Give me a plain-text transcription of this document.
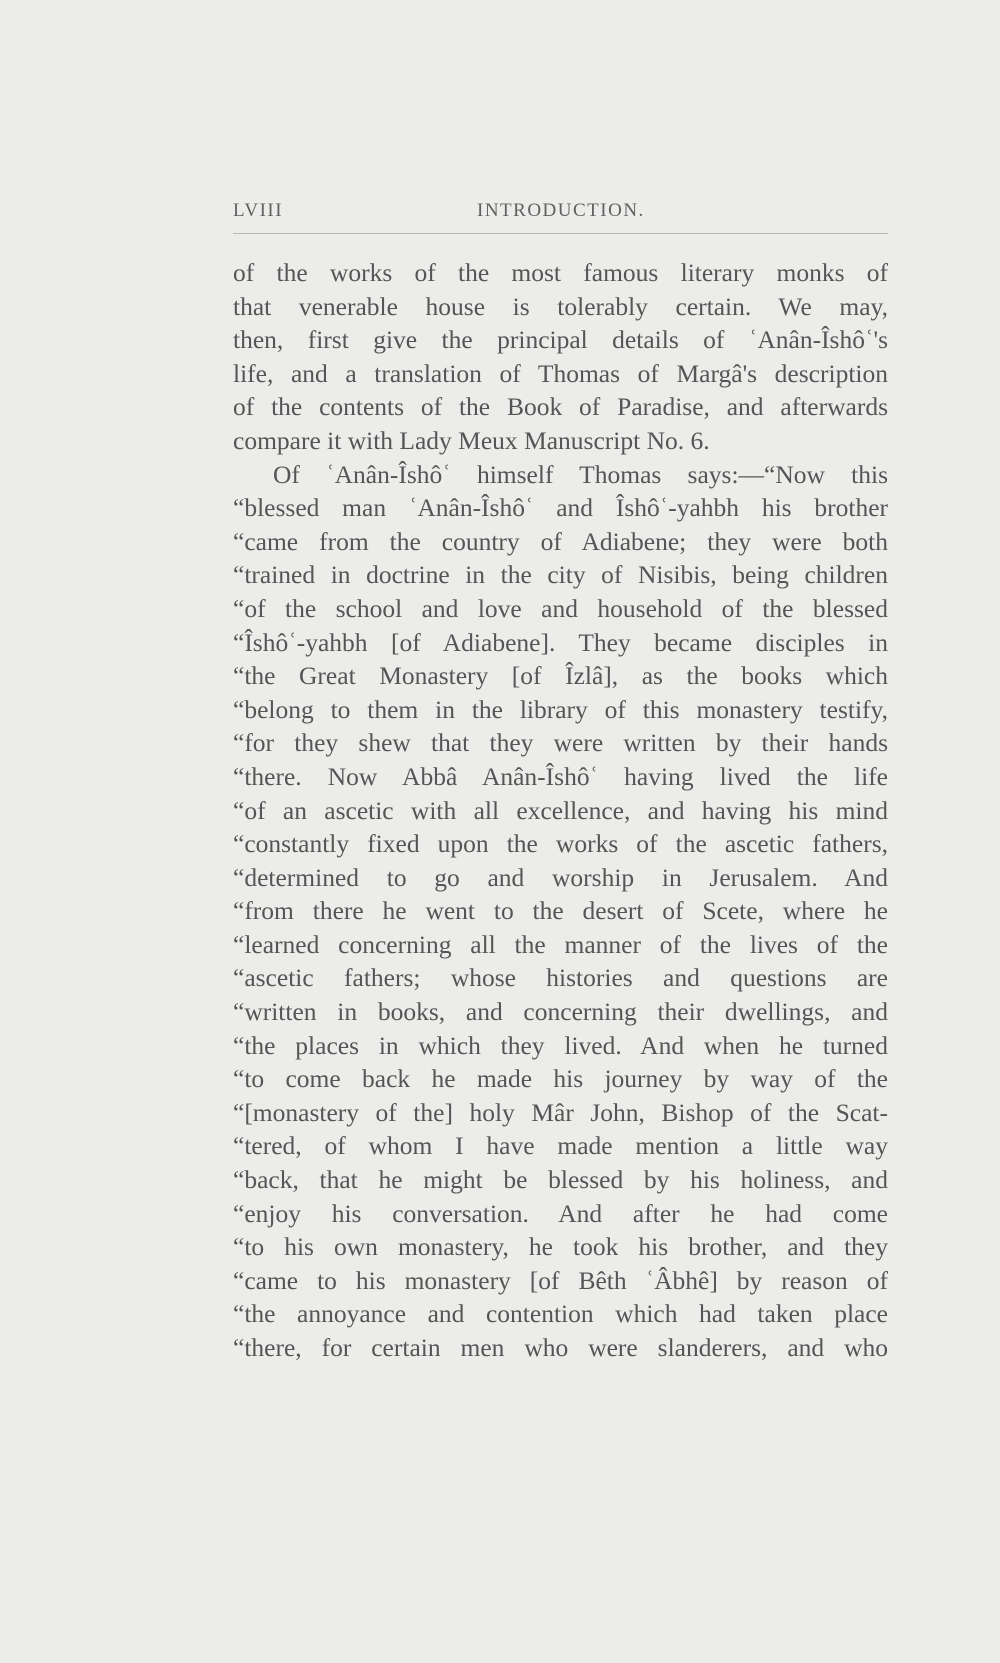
LVIII	INTRODUCTION.
of the works of the most famous literary monks of
that venerable house is tolerably certain. We may,
then, first give the principal details of ʿAnân-Îshôʿ's
life, and a translation of Thomas of Margâ's description
of the contents of the Book of Paradise, and afterwards
compare it with Lady Meux Manuscript No. 6.
Of ʿAnân-Îshôʿ himself Thomas says:—“Now this
“blessed man ʿAnân-Îshôʿ and Îshôʿ-yahbh his brother
“came from the country of Adiabene; they were both
“trained in doctrine in the city of Nisibis, being children
“of the school and love and household of the blessed
“Îshôʿ-yahbh [of Adiabene]. They became disciples in
“the Great Monastery [of Îzlâ], as the books which
“belong to them in the library of this monastery testify,
“for they shew that they were written by their hands
“there. Now Abbâ Anân-Îshôʿ having lived the life
“of an ascetic with all excellence, and having his mind
“constantly fixed upon the works of the ascetic fathers,
“determined to go and worship in Jerusalem. And
“from there he went to the desert of Scete, where he
“learned concerning all the manner of the lives of the
“ascetic fathers; whose histories and questions are
“written in books, and concerning their dwellings, and
“the places in which they lived. And when he turned
“to come back he made his journey by way of the
“[monastery of the] holy Mâr John, Bishop of the Scat-
“tered, of whom I have made mention a little way
“back, that he might be blessed by his holiness, and
“enjoy his conversation. And after he had come
“to his own monastery, he took his brother, and they
“came to his monastery [of Bêth ʿÂbhê] by reason of
“the annoyance and contention which had taken place
“there, for certain men who were slanderers, and who
